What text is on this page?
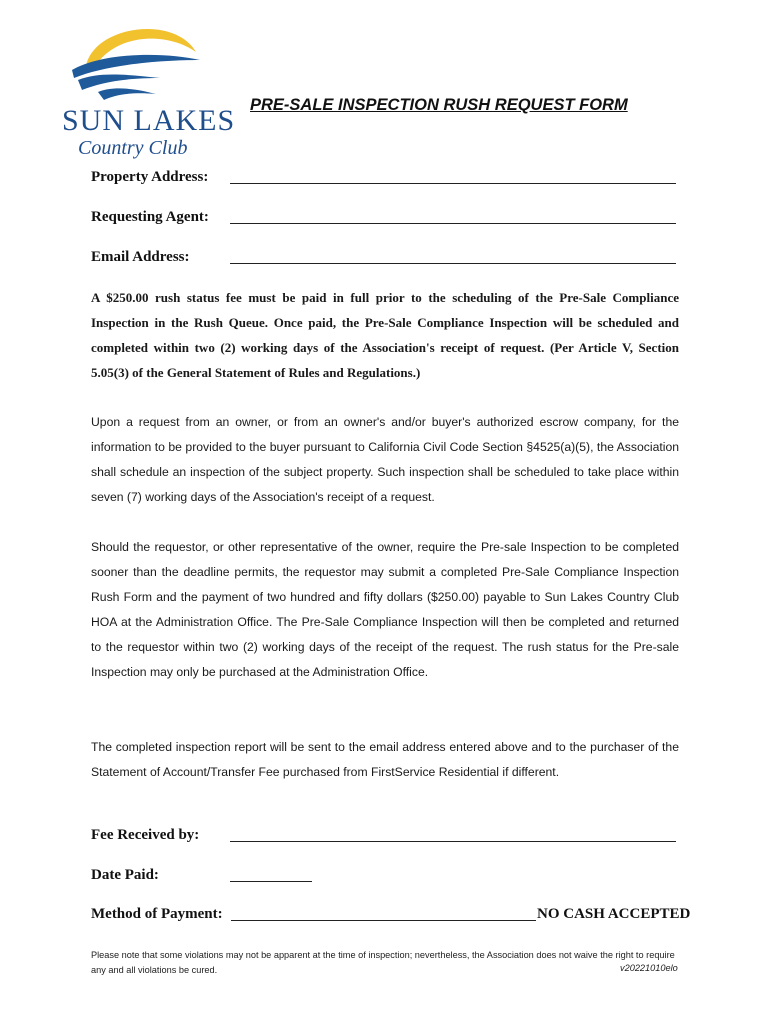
SUN LAKES
Country Club
PRE-SALE INSPECTION RUSH REQUEST FORM
Property Address:
Requesting Agent:
Email Address:
A $250.00 rush status fee must be paid in full prior to the scheduling of the Pre-Sale Compliance Inspection in the Rush Queue. Once paid, the Pre-Sale Compliance Inspection will be scheduled and completed within two (2) working days of the Association's receipt of request. (Per Article V, Section 5.05(3) of the General Statement of Rules and Regulations.)
Upon a request from an owner, or from an owner's and/or buyer's authorized escrow company, for the information to be provided to the buyer pursuant to California Civil Code Section §4525(a)(5), the Association shall schedule an inspection of the subject property. Such inspection shall be scheduled to take place within seven (7) working days of the Association's receipt of a request.
Should the requestor, or other representative of the owner, require the Pre-sale Inspection to be completed sooner than the deadline permits, the requestor may submit a completed Pre-Sale Compliance Inspection Rush Form and the payment of two hundred and fifty dollars ($250.00) payable to Sun Lakes Country Club HOA at the Administration Office. The Pre-Sale Compliance Inspection will then be completed and returned to the requestor within two (2) working days of the receipt of the request. The rush status for the Pre-sale Inspection may only be purchased at the Administration Office.
The completed inspection report will be sent to the email address entered above and to the purchaser of the Statement of Account/Transfer Fee purchased from FirstService Residential if different.
Fee Received by:
Date Paid:
Method of Payment:	NO CASH ACCEPTED
Please note that some violations may not be apparent at the time of inspection; nevertheless, the Association does not waive the right to require any and all violations be cured.	v20221010elo
